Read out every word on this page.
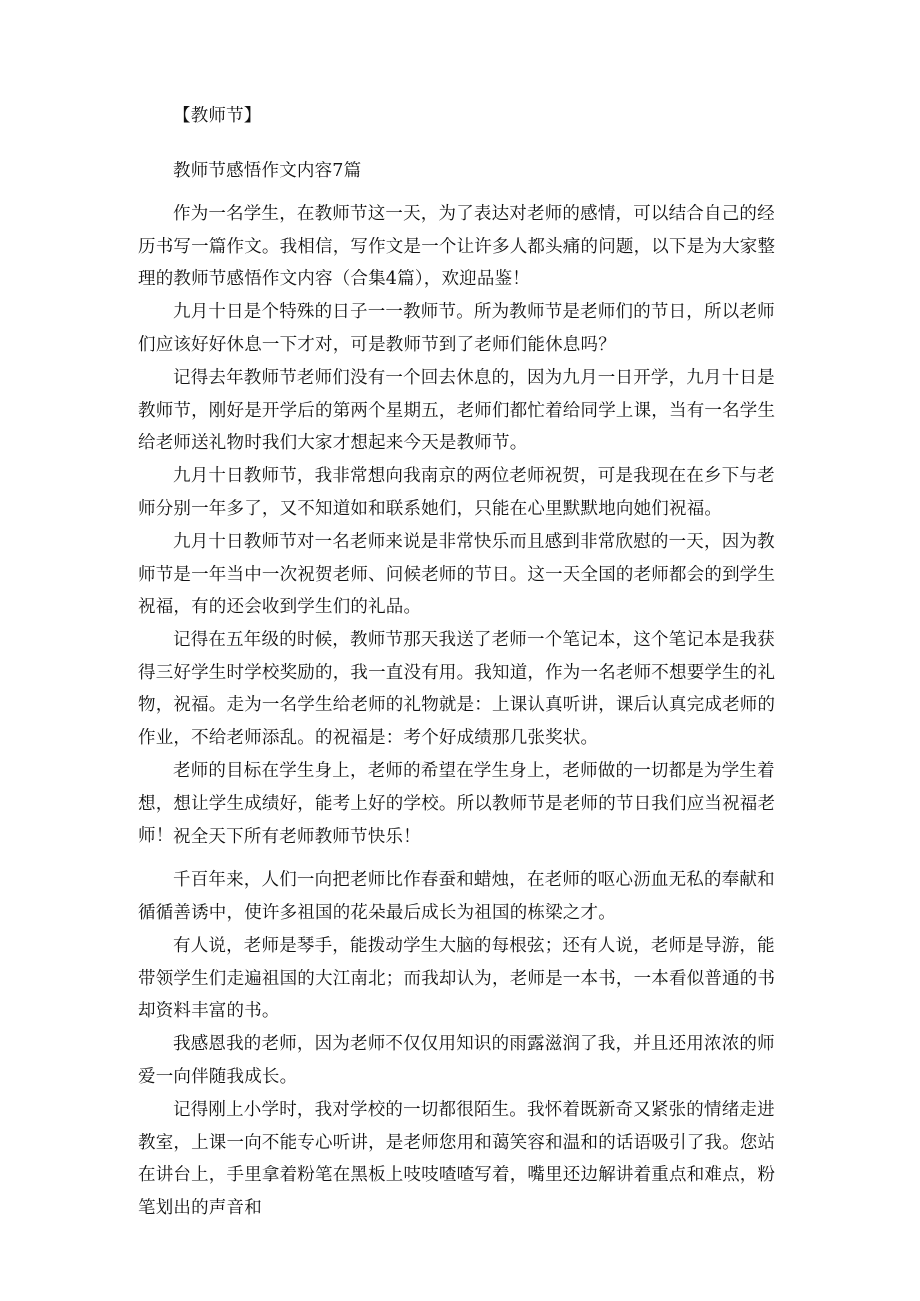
【教师节】

教师节感悟作文内容7篇

作为一名学生，在教师节这一天，为了表达对老师的感情，可以结合自己的经历书写一篇作文。我相信，写作文是一个让许多人都头痛的问题，以下是为大家整理的教师节感悟作文内容（合集4篇），欢迎品鉴！

九月十日是个特殊的日子一一教师节。所为教师节是老师们的节日，所以老师们应该好好休息一下才对，可是教师节到了老师们能休息吗？

记得去年教师节老师们没有一个回去休息的，因为九月一日开学，九月十日是教师节，刚好是开学后的第两个星期五，老师们都忙着给同学上课，当有一名学生给老师送礼物时我们大家才想起来今天是教师节。

九月十日教师节，我非常想向我南京的两位老师祝贺，可是我现在在乡下与老师分别一年多了，又不知道如和联系她们，只能在心里默默地向她们祝福。

九月十日教师节对一名老师来说是非常快乐而且感到非常欣慰的一天，因为教师节是一年当中一次祝贺老师、问候老师的节日。这一天全国的老师都会的到学生祝福，有的还会收到学生们的礼品。

记得在五年级的时候，教师节那天我送了老师一个笔记本，这个笔记本是我获得三好学生时学校奖励的，我一直没有用。我知道，作为一名老师不想要学生的礼物，祝福。走为一名学生给老师的礼物就是：上课认真听讲，课后认真完成老师的作业，不给老师添乱。的祝福是：考个好成绩那几张奖状。

老师的目标在学生身上，老师的希望在学生身上，老师做的一切都是为学生着想，想让学生成绩好，能考上好的学校。所以教师节是老师的节日我们应当祝福老师！ 祝全天下所有老师教师节快乐！

千百年来，人们一向把老师比作春蚕和蜡烛，在老师的呕心沥血无私的奉献和循循善诱中，使许多祖国的花朵最后成长为祖国的栋梁之才。

有人说，老师是琴手，能拨动学生大脑的每根弦；还有人说，老师是导游，能带领学生们走遍祖国的大江南北；而我却认为，老师是一本书，一本看似普通的书却资料丰富的书。

我感恩我的老师，因为老师不仅仅用知识的雨露滋润了我，并且还用浓浓的师爱一向伴随我成长。

记得刚上小学时，我对学校的一切都很陌生。我怀着既新奇又紧张的情绪走进教室，上课一向不能专心听讲，是老师您用和蔼笑容和温和的话语吸引了我。您站在讲台上，手里拿着粉笔在黑板上吱吱喳喳写着，嘴里还边解讲着重点和难点，粉笔划出的声音和
